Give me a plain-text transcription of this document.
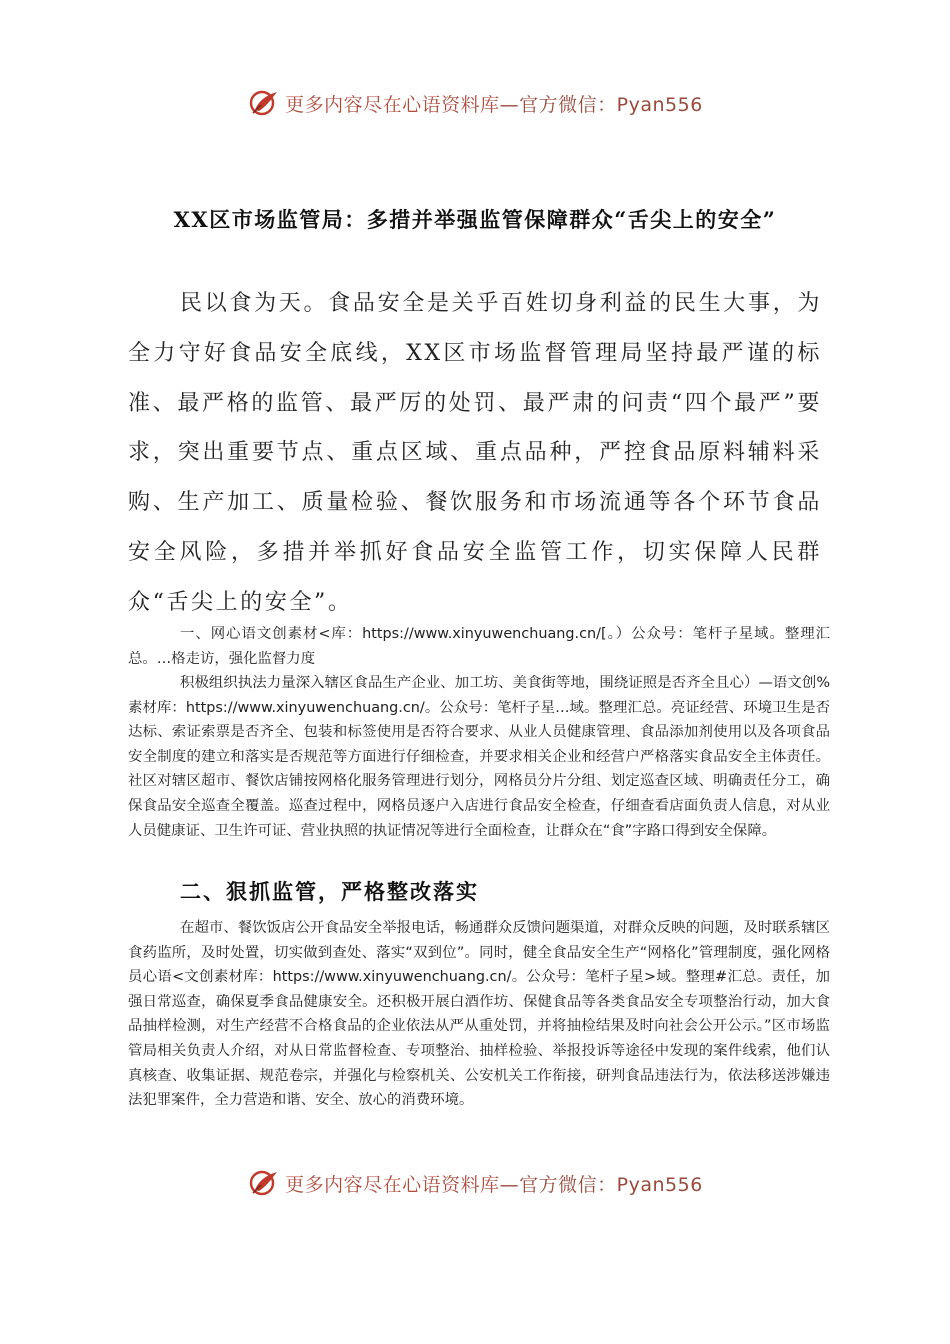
更多内容尽在心语资料库—官方微信：Pyan556
XX区市场监管局：多措并举强监管保障群众“舌尖上的安全”

民以食为天。食品安全是关乎百姓切身利益的民生大事，为全力守好食品安全底线，XX区市场监督管理局坚持最严谨的标准、最严格的监管、最严厉的处罚、最严肃的问责“四个最严”要求，突出重要节点、重点区域、重点品种，严控食品原料辅料采购、生产加工、质量检验、餐饮服务和市场流通等各个环节食品安全风险，多措并举抓好食品安全监管工作，切实保障人民群众“舌尖上的安全”。

一、网心语文创素材<库：https://www.xinyuwenchuang.cn/[。）公众号：笔杆子星域。整理汇总。…格走访，强化监督力度

积极组织执法力量深入辖区食品生产企业、加工坊、美食街等地，围绕证照是否齐全且心）—语文创%素材库：https://www.xinyuwenchuang.cn/。公众号：笔杆子星…域。整理汇总。亮证经营、环境卫生是否达标、索证索票是否齐全、包装和标签使用是否符合要求、从业人员健康管理、食品添加剂使用以及各项食品安全制度的建立和落实是否规范等方面进行仔细检查，并要求相关企业和经营户严格落实食品安全主体责任。社区对辖区超市、餐饮店铺按网格化服务管理进行划分，网格员分片分组、划定巡查区域、明确责任分工，确保食品安全巡查全覆盖。巡查过程中，网格员逐户入店进行食品安全检查，仔细查看店面负责人信息，对从业人员健康证、卫生许可证、营业执照的执证情况等进行全面检查，让群众在“食”字路口得到安全保障。

二、狠抓监管，严格整改落实

在超市、餐饮饭店公开食品安全举报电话，畅通群众反馈问题渠道，对群众反映的问题，及时联系辖区食药监所，及时处置，切实做到查处、落实“双到位”。同时，健全食品安全生产“网格化”管理制度，强化网格员心语<文创素材库：https://www.xinyuwenchuang.cn/。公众号：笔杆子星>域。整理#汇总。责任，加强日常巡查，确保夏季食品健康安全。还积极开展白酒作坊、保健食品等各类食品安全专项整治行动，加大食品抽样检测，对生产经营不合格食品的企业依法从严从重处罚，并将抽检结果及时向社会公开公示。”区市场监管局相关负责人介绍，对从日常监督检查、专项整治、抽样检验、举报投诉等途径中发现的案件线索，他们认真核查、收集证据、规范卷宗，并强化与检察机关、公安机关工作衔接，研判食品违法行为，依法移送涉嫌违法犯罪案件，全力营造和谐、安全、放心的消费环境。

更多内容尽在心语资料库—官方微信：Pyan556
